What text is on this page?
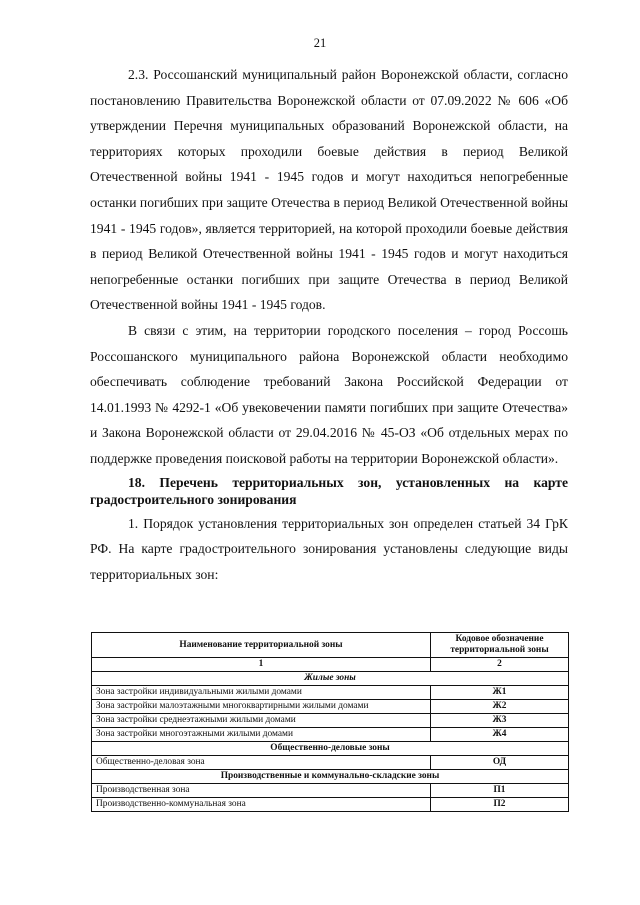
21

2.3. Россошанский муниципальный район Воронежской области, согласно постановлению Правительства Воронежской области от 07.09.2022 № 606 «Об утверждении Перечня муниципальных образований Воронежской области, на территориях которых проходили боевые действия в период Великой Отечественной войны 1941 - 1945 годов и могут находиться непогребенные останки погибших при защите Отечества в период Великой Отечественной войны 1941 - 1945 годов», является территорией, на которой проходили боевые действия в период Великой Отечественной войны 1941 - 1945 годов и могут находиться непогребенные останки погибших при защите Отечества в период Великой Отечественной войны 1941 - 1945 годов.

В связи с этим, на территории городского поселения – город Россошь Россошанского муниципального района Воронежской области необходимо обеспечивать соблюдение требований Закона Российской Федерации от 14.01.1993 № 4292-1 «Об увековечении памяти погибших при защите Отечества» и Закона Воронежской области от 29.04.2016 № 45-ОЗ «Об отдельных мерах по поддержке проведения поисковой работы на территории Воронежской области».

18. Перечень территориальных зон, установленных на карте градостроительного зонирования

1. Порядок установления территориальных зон определен статьей 34 ГрК РФ. На карте градостроительного зонирования установлены следующие виды территориальных зон:

Наименование территориальной зоны	Кодовое обозначение территориальной зоны
1	2
Жилые зоны	
Зона застройки индивидуальными жилыми домами	Ж1
Зона застройки малоэтажными многоквартирными жилыми домами	Ж2
Зона застройки среднеэтажными жилыми домами	Ж3
Зона застройки многоэтажными жилыми домами	Ж4
Общественно-деловые зоны	
Общественно-деловая зона	ОД
Производственные и коммунально-складские зоны	
Производственная зона	П1
Производственно-коммунальная зона	П2
